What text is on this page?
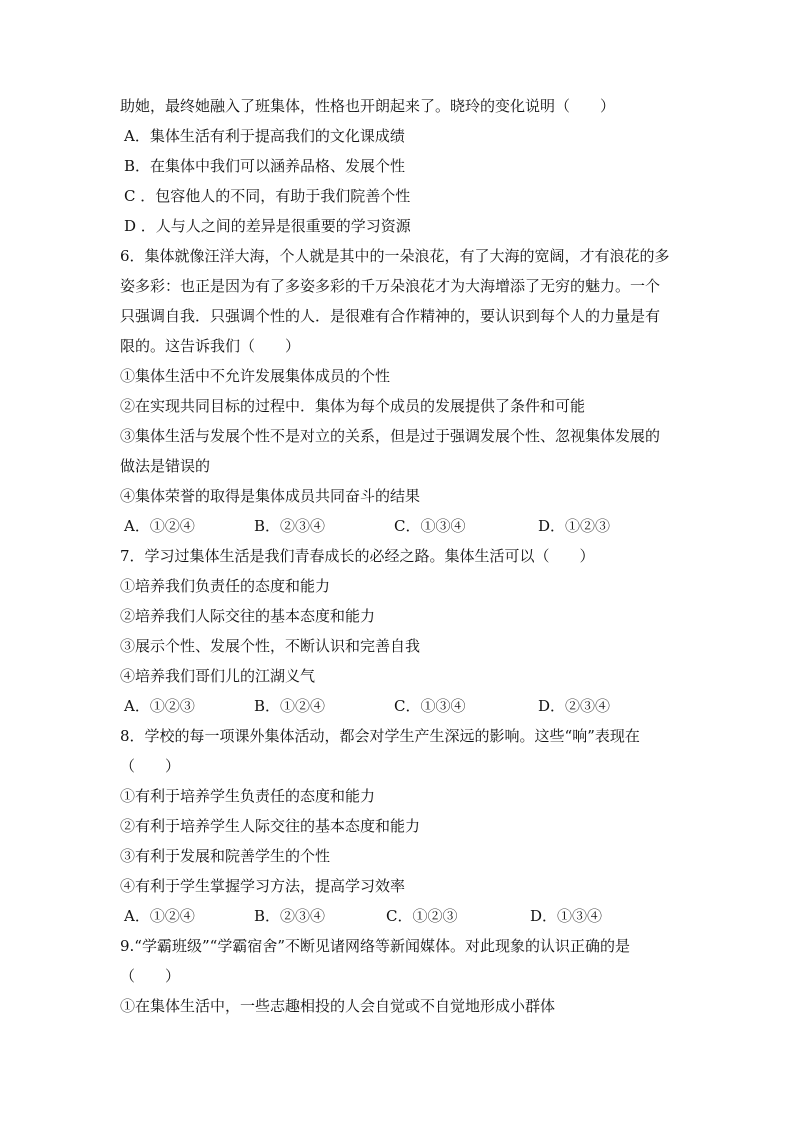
助她，最终她融入了班集体，性格也开朗起来了。晓玲的变化说明（　　）
A．集体生活有利于提高我们的文化课成绩
B．在集体中我们可以涵养品格、发展个性
C ．包容他人的不同，有助于我们院善个性
D ．人与人之间的差异是很重要的学习资源
6．集体就像汪洋大海，个人就是其中的一朵浪花，有了大海的宽阔，才有浪花的多
姿多彩：也正是因为有了多姿多彩的千万朵浪花才为大海增添了无穷的魅力。一个
只强调自我．只强调个性的人．是很难有合作精神的，要认识到每个人的力量是有
限的。这告诉我们（　　）
①集体生活中不允许发展集体成员的个性
②在实现共同目标的过程中．集体为每个成员的发展提供了条件和可能
③集体生活与发展个性不是对立的关系，但是过于强调发展个性、忽视集体发展的
做法是错误的
④集体荣誉的取得是集体成员共同奋斗的结果
A．①②④	B．②③④	C．①③④	D．①②③
7．学习过集体生活是我们青春成长的必经之路。集体生活可以（　　）
①培养我们负责任的态度和能力
②培养我们人际交往的基本态度和能力
③展示个性、发展个性，不断认识和完善自我
④培养我们哥们儿的江湖义气
A．①②③	B．①②④	C．①③④	D．②③④
8．学校的每一项课外集体活动，都会对学生产生深远的影响。这些“响”表现在
（　　）
①有利于培养学生负责任的态度和能力
②有利于培养学生人际交往的基本态度和能力
③有利于发展和院善学生的个性
④有利于学生掌握学习方法，提高学习效率
A．①②④	B．②③④	C．①②③	D．①③④
9.“学霸班级”“学霸宿舍”不断见诸网络等新闻媒体。对此现象的认识正确的是
（　　）
①在集体生活中，一些志趣相投的人会自觉或不自觉地形成小群体
